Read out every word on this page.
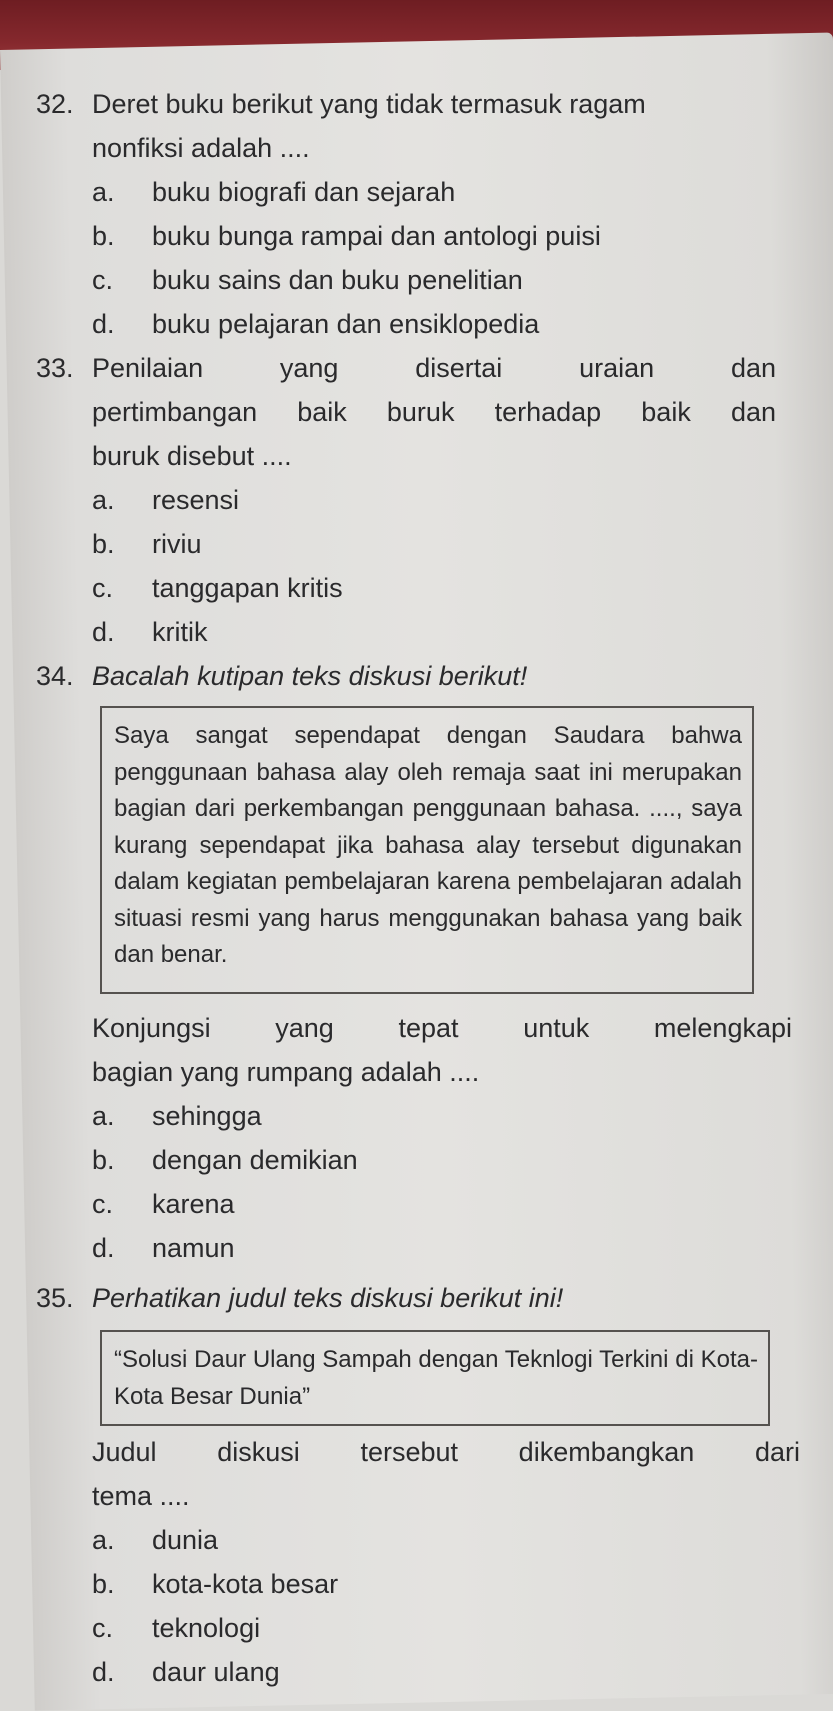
32. Deret buku berikut yang tidak termasuk ragam
nonfiksi adalah ....
a. buku biografi dan sejarah
b. buku bunga rampai dan antologi puisi
c. buku sains dan buku penelitian
d. buku pelajaran dan ensiklopedia
33. Penilaian yang disertai uraian dan
pertimbangan baik buruk terhadap baik dan
buruk disebut ....
a. resensi
b. riviu
c. tanggapan kritis
d. kritik
34. Bacalah kutipan teks diskusi berikut!

Saya sangat sependapat dengan Saudara bahwa penggunaan bahasa alay oleh remaja saat ini merupakan bagian dari perkembangan penggunaan bahasa. ...., saya kurang sependapat jika bahasa alay tersebut digunakan dalam kegiatan pembelajaran karena pembelajaran adalah situasi resmi yang harus menggunakan bahasa yang baik dan benar.

Konjungsi yang tepat untuk melengkapi
bagian yang rumpang adalah ....
a. sehingga
b. dengan demikian
c. karena
d. namun
35. Perhatikan judul teks diskusi berikut ini!

“Solusi Daur Ulang Sampah dengan Teknlogi Terkini di Kota-Kota Besar Dunia”

Judul diskusi tersebut dikembangkan dari
tema ....
a. dunia
b. kota-kota besar
c. teknologi
d. daur ulang
